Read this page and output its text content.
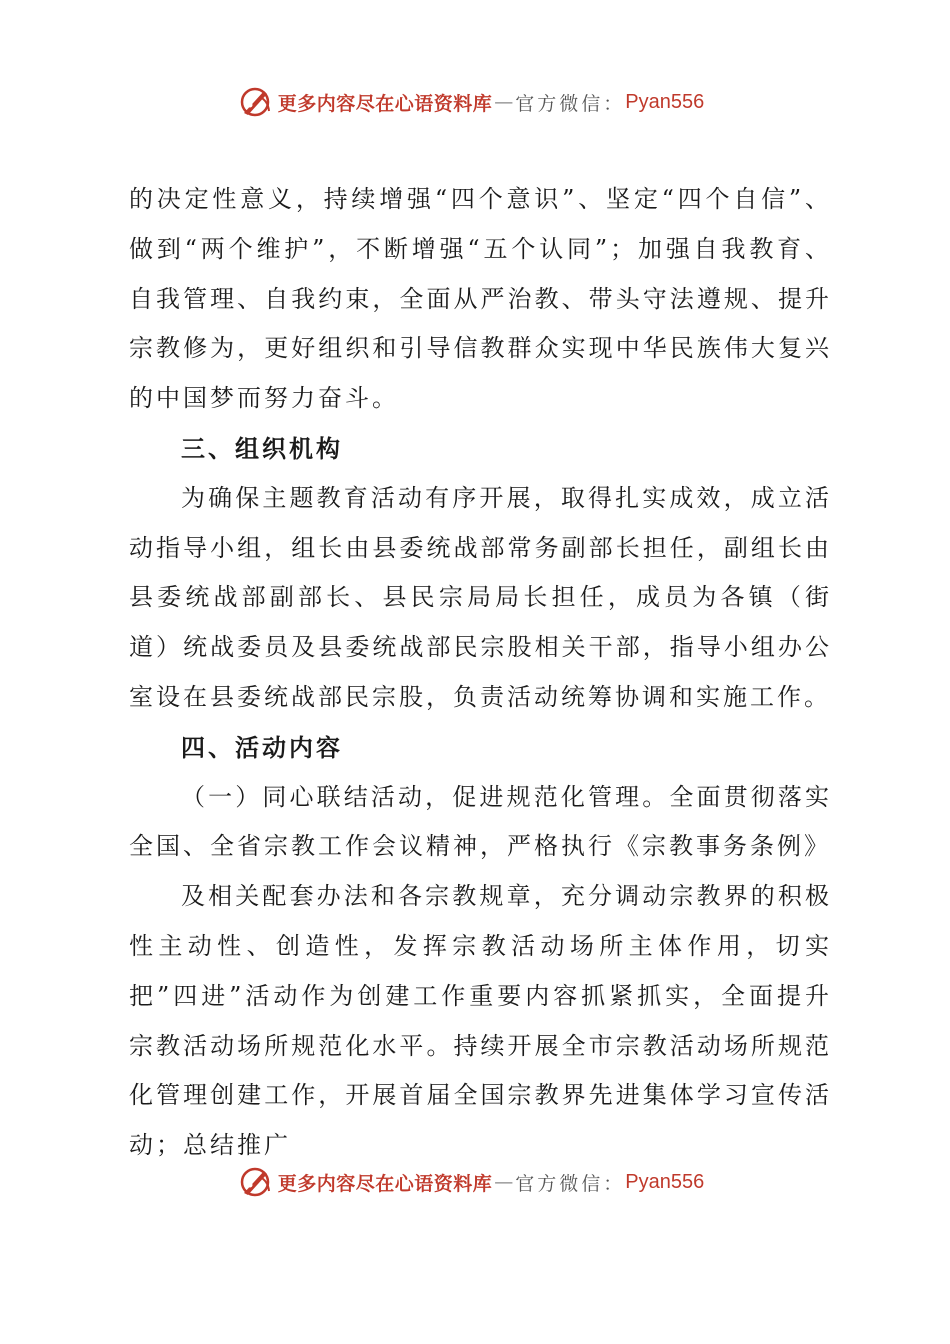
更多内容尽在心语资料库 — 官方微信： Pyan556

的决定性意义，持续增强“四个意识”、坚定“四个自信”、做到“两个维护”，不断增强“五个认同”；加强自我教育、自我管理、自我约束，全面从严治教、带头守法遵规、提升宗教修为，更好组织和引导信教群众实现中华民族伟大复兴的中国梦而努力奋斗。

三、组织机构

为确保主题教育活动有序开展，取得扎实成效，成立活动指导小组，组长由县委统战部常务副部长担任，副组长由县委统战部副部长、县民宗局局长担任，成员为各镇（街道）统战委员及县委统战部民宗股相关干部，指导小组办公室设在县委统战部民宗股，负责活动统筹协调和实施工作。

四、活动内容

（一）同心联结活动，促进规范化管理。全面贯彻落实全国、全省宗教工作会议精神，严格执行《宗教事务条例》

及相关配套办法和各宗教规章，充分调动宗教界的积极性主动性、创造性，发挥宗教活动场所主体作用，切实把”四进”活动作为创建工作重要内容抓紧抓实，全面提升宗教活动场所规范化水平。持续开展全市宗教活动场所规范化管理创建工作，开展首届全国宗教界先进集体学习宣传活动；总结推广

更多内容尽在心语资料库 — 官方微信： Pyan556
